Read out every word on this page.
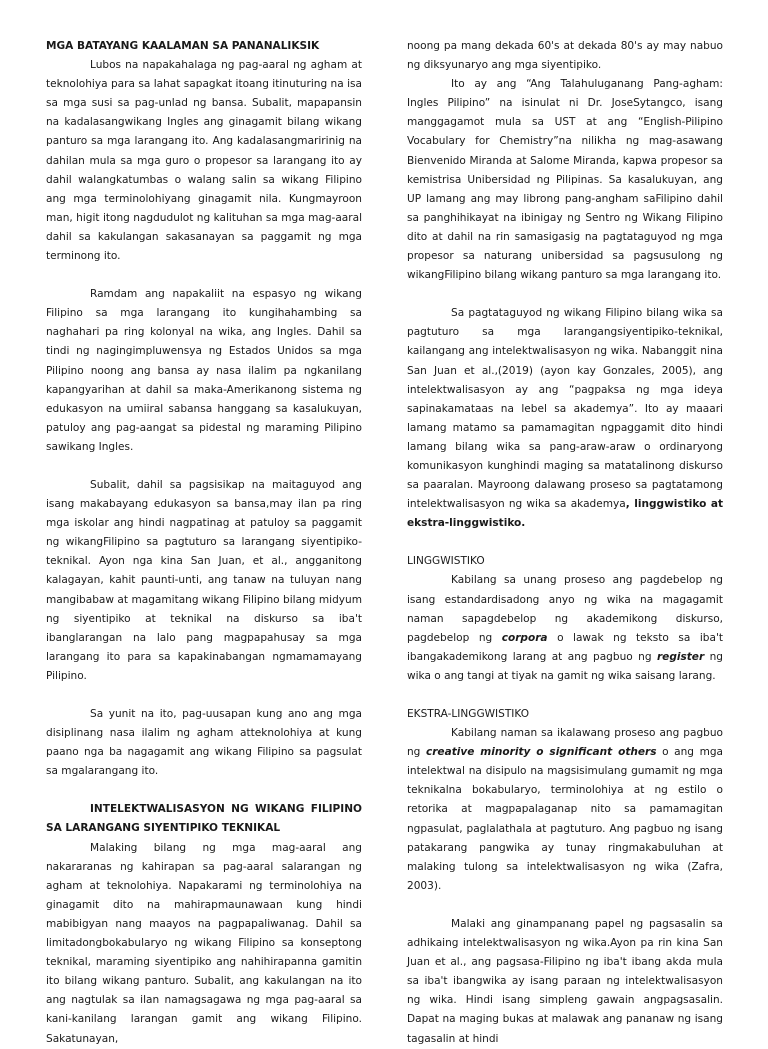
MGA BATAYANG KAALAMAN SA PANANALIKSIK

Lubos na napakahalaga ng pag-aaral ng agham at teknolohiya para sa lahat sapagkat itoang itinuturing na isa sa mga susi sa pag-unlad ng bansa. Subalit, mapapansin na kadalasangwikang Ingles ang ginagamit bilang wikang panturo sa mga larangang ito. Ang kadalasangmaririnig na dahilan mula sa mga guro o propesor sa larangang ito ay dahil walangkatumbas o walang salin sa wikang Filipino ang mga terminolohiyang ginagamit nila. Kungmayroon man, higit itong nagdudulot ng kalituhan sa mga mag-aaral dahil sa kakulangan sakasanayan sa paggamit ng mga terminong ito.

Ramdam ang napakaliit na espasyo ng wikang Filipino sa mga larangang ito kungihahambing sa naghahari pa ring kolonyal na wika, ang Ingles. Dahil sa tindi ng nagingimpluwensya ng Estados Unidos sa mga Pilipino noong ang bansa ay nasa ilalim pa ngkanilang kapangyarihan at dahil sa maka-Amerikanong sistema ng edukasyon na umiiral sabansa hanggang sa kasalukuyan, patuloy ang pag-aangat sa pidestal ng maraming Pilipino sawikang Ingles.

Subalit, dahil sa pagsisikap na maitaguyod ang isang makabayang edukasyon sa bansa,may ilan pa ring mga iskolar ang hindi nagpatinag at patuloy sa paggamit ng wikangFilipino sa pagtuturo sa larangang siyentipiko-teknikal. Ayon nga kina San Juan, et al., angganitong kalagayan, kahit paunti-unti, ang tanaw na tuluyan nang mangibabaw at magamitang wikang Filipino bilang midyum ng siyentipiko at teknikal na diskurso sa iba't ibanglarangan na lalo pang magpapahusay sa mga larangang ito para sa kapakinabangan ngmamamayang Pilipino.

Sa yunit na ito, pag-uusapan kung ano ang mga disiplinang nasa ilalim ng agham atteknolohiya at kung paano nga ba nagagamit ang wikang Filipino sa pagsulat sa mgalarangang ito.

INTELEKTWALISASYON NG WIKANG FILIPINO SA LARANGANG SIYENTIPIKO TEKNIKAL

Malaking bilang ng mga mag-aaral ang nakararanas ng kahirapan sa pag-aaral salarangan ng agham at teknolohiya. Napakarami ng terminolohiya na ginagamit dito na mahirapmaunawaan kung hindi mabibigyan nang maayos na pagpapaliwanag. Dahil sa limitadongbokabularyo ng wikang Filipino sa konseptong teknikal, maraming siyentipiko ang nahihirapanna gamitin ito bilang wikang panturo. Subalit, ang kakulangan na ito ang nagtulak sa ilan namagsagawa ng mga pag-aaral sa kani-kanilang larangan gamit ang wikang Filipino. Sakatunayan,

noong pa mang dekada 60's at dekada 80's ay may nabuo ng diksyunaryo ang mga siyentipiko.

Ito ay ang “Ang Talahuluganang Pang-agham: Ingles Pilipino” na isinulat ni Dr. JoseSytangco, isang manggagamot mula sa UST at ang “English-Pilipino Vocabulary for Chemistry”na nilikha ng mag-asawang Bienvenido Miranda at Salome Miranda, kapwa propesor sa kemistrisa Unibersidad ng Pilipinas. Sa kasalukuyan, ang UP lamang ang may librong pang-angham saFilipino dahil sa panghihikayat na ibinigay ng Sentro ng Wikang Filipino dito at dahil na rin samasigasig na pagtataguyod ng mga propesor sa naturang unibersidad sa pagsusulong ng wikangFilipino bilang wikang panturo sa mga larangang ito.

Sa pagtataguyod ng wikang Filipino bilang wika sa pagtuturo sa mga larangangsiyentipiko-teknikal, kailangang ang intelektwalisasyon ng wika. Nabanggit nina San Juan et al.,(2019) (ayon kay Gonzales, 2005), ang intelektwalisasyon ay ang “pagpaksa ng mga ideya sapinakamataas na lebel sa akademya”. Ito ay maaari lamang matamo sa pamamagitan ngpaggamit dito hindi lamang bilang wika sa pang-araw-araw o ordinaryong komunikasyon kunghindi maging sa matatalinong diskurso sa paaralan. Mayroong dalawang proseso sa pagtatamong intelektwalisasyon ng wika sa akademya, linggwistiko at ekstra-linggwistiko.

LINGGWISTIKO

Kabilang sa unang proseso ang pagdebelop ng isang estandardisadong anyo ng wika na magagamit naman sapagdebelop ng akademikong diskurso, pagdebelop ng corpora o lawak ng teksto sa iba't ibangakademikong larang at ang pagbuo ng register ng wika o ang tangi at tiyak na gamit ng wika saisang larang.

EKSTRA-LINGGWISTIKO

Kabilang naman sa ikalawang proseso ang pagbuo ng creative minority o significant others o ang mga intelektwal na disipulo na magsisimulang gumamit ng mga teknikalna bokabularyo, terminolohiya at ng estilo o retorika at magpapalaganap nito sa pamamagitan ngpasulat, paglalathala at pagtuturo. Ang pagbuo ng isang patakarang pangwika ay tunay ringmakabuluhan at malaking tulong sa intelektwalisasyon ng wika (Zafra, 2003).

Malaki ang ginampanang papel ng pagsasalin sa adhikaing intelektwalisasyon ng wika.Ayon pa rin kina San Juan et al., ang pagsasa-Filipino ng iba't ibang akda mula sa iba't ibangwika ay isang paraan ng intelektwalisasyon ng wika. Hindi isang simpleng gawain angpagsasalin. Dapat na maging bukas at malawak ang pananaw ng isang tagasalin at hindi
